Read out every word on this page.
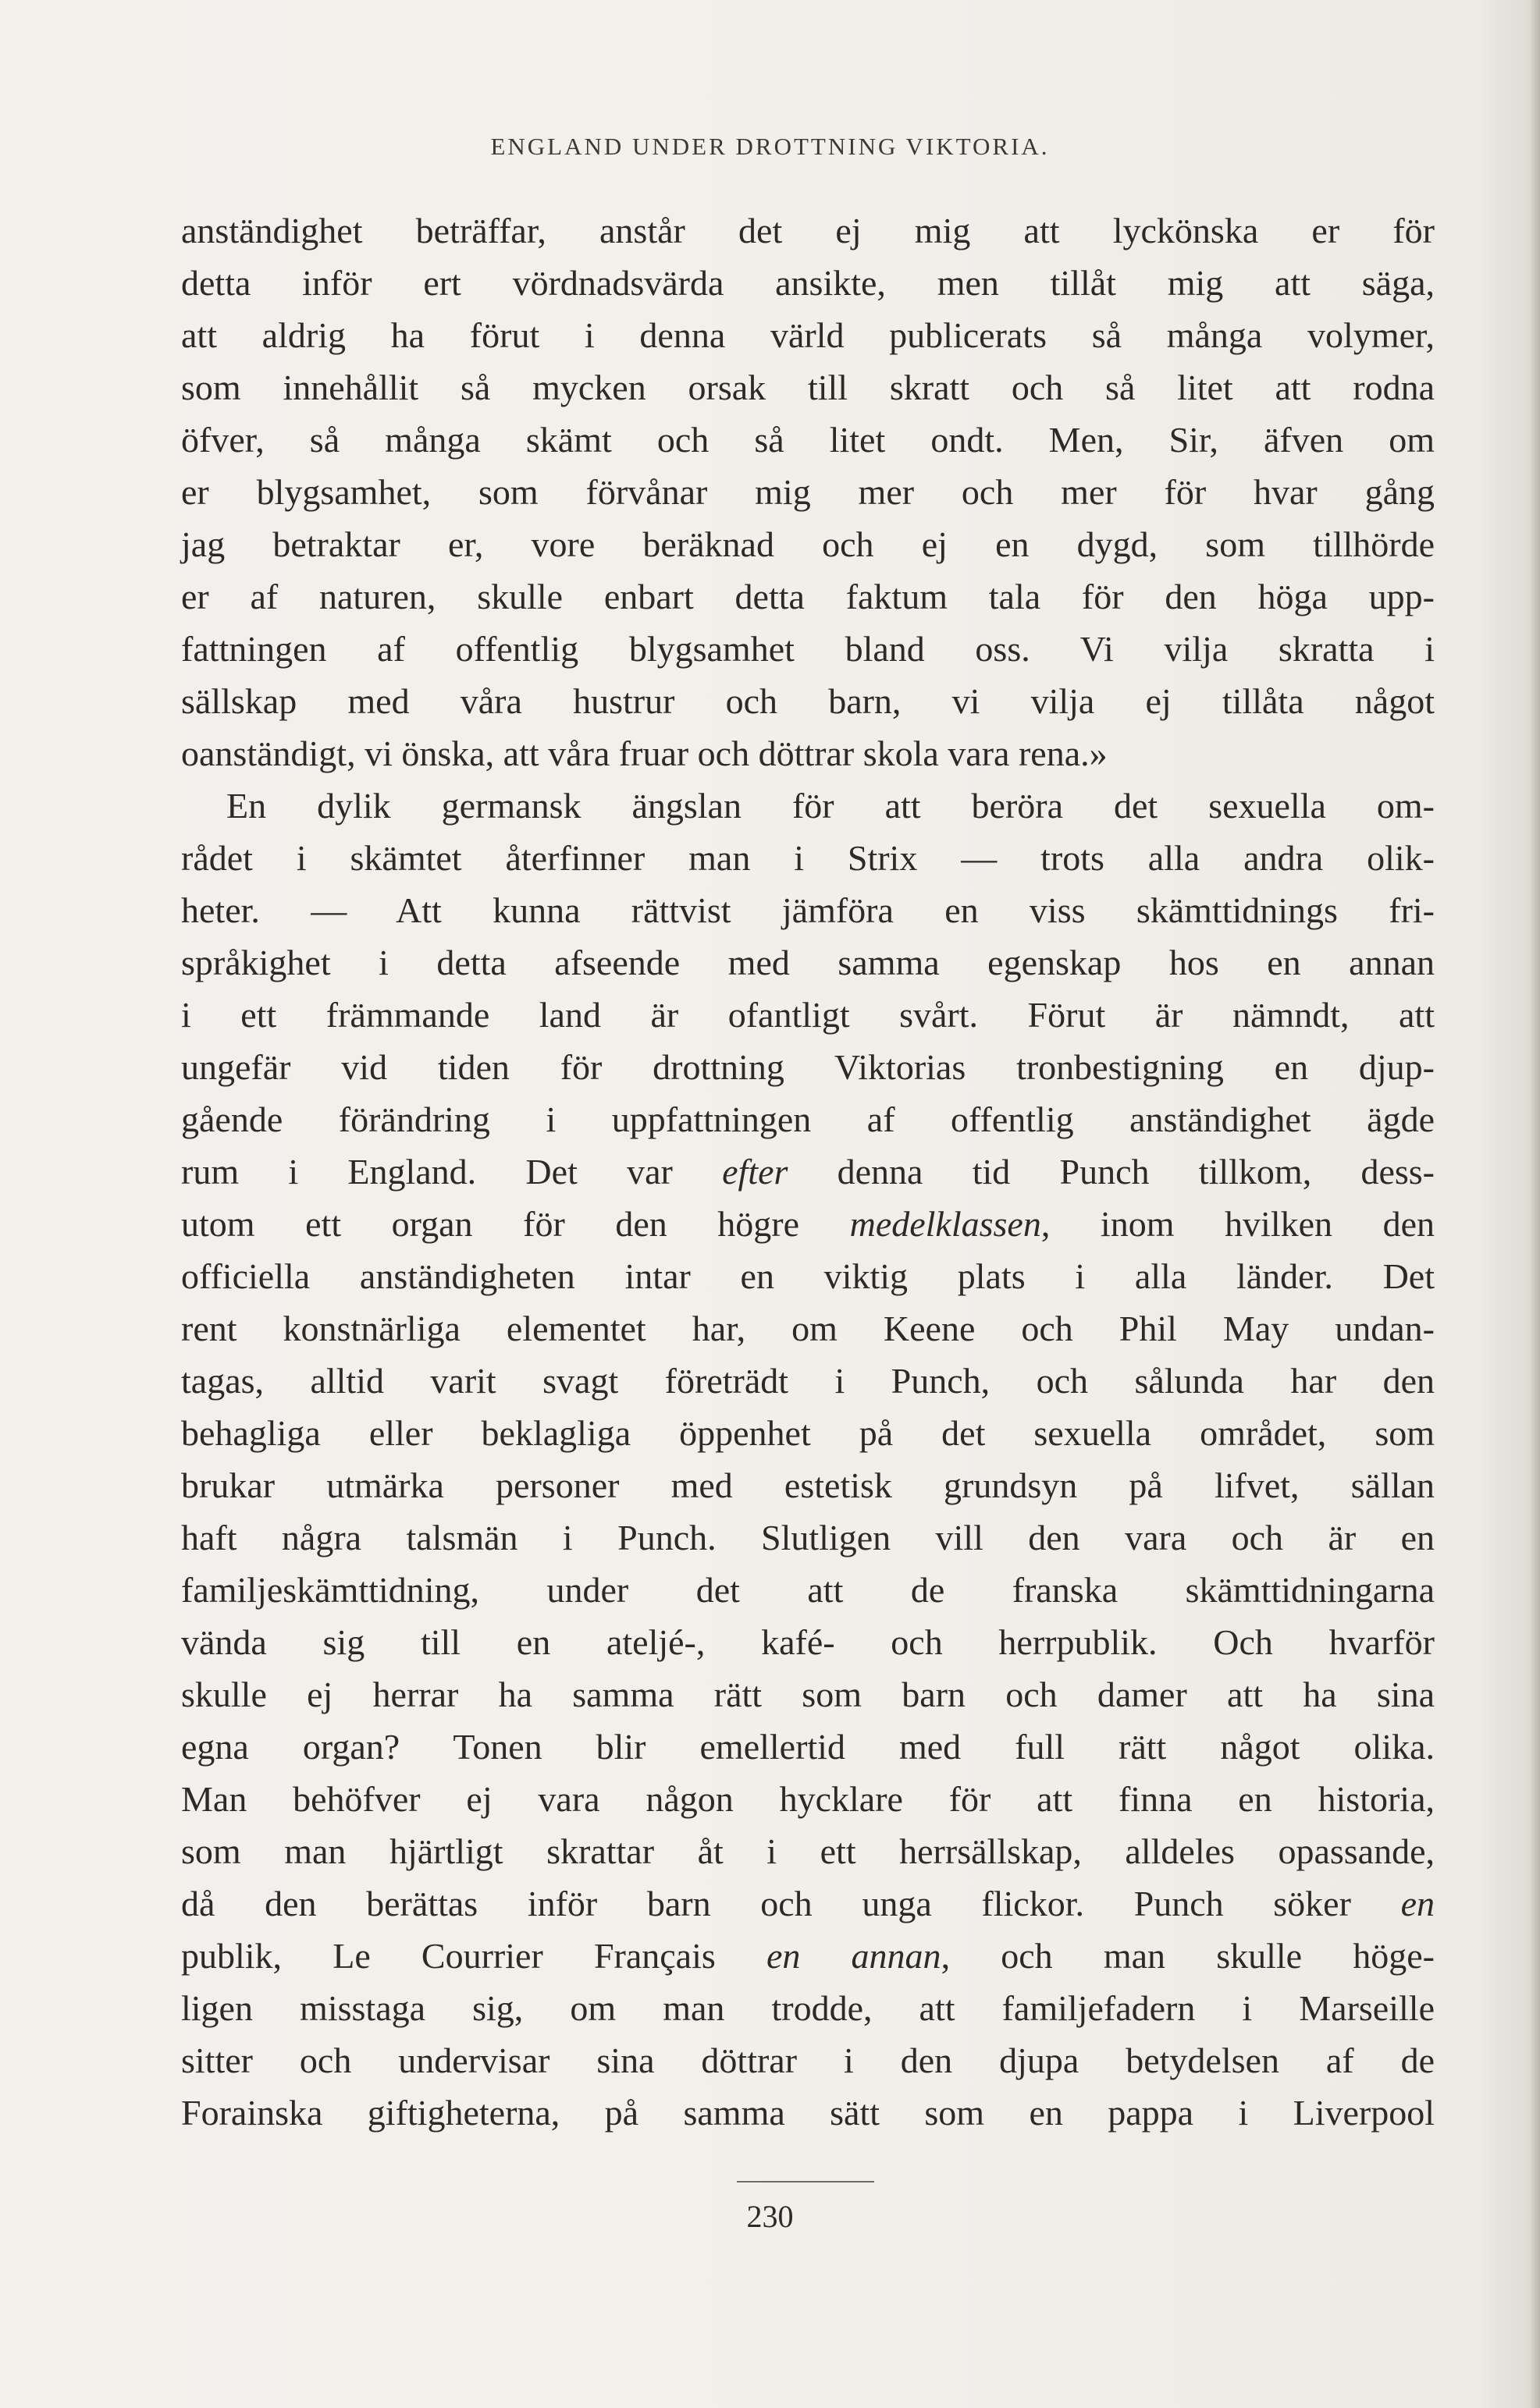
ENGLAND UNDER DROTTNING VIKTORIA.
anständighet beträffar, anstår det ej mig att lyckönska er för
detta inför ert vördnadsvärda ansikte, men tillåt mig att säga,
att aldrig ha förut i denna värld publicerats så många volymer,
som innehållit så mycken orsak till skratt och så litet att rodna
öfver, så många skämt och så litet ondt. Men, Sir, äfven om
er blygsamhet, som förvånar mig mer och mer för hvar gång
jag betraktar er, vore beräknad och ej en dygd, som tillhörde
er af naturen, skulle enbart detta faktum tala för den höga upp-
fattningen af offentlig blygsamhet bland oss. Vi vilja skratta i
sällskap med våra hustrur och barn, vi vilja ej tillåta något
oanständigt, vi önska, att våra fruar och döttrar skola vara rena.»
En dylik germansk ängslan för att beröra det sexuella om-
rådet i skämtet återfinner man i Strix — trots alla andra olik-
heter. — Att kunna rättvist jämföra en viss skämttidnings fri-
språkighet i detta afseende med samma egenskap hos en annan
i ett främmande land är ofantligt svårt. Förut är nämndt, att
ungefär vid tiden för drottning Viktorias tronbestigning en djup-
gående förändring i uppfattningen af offentlig anständighet ägde
rum i England. Det var efter denna tid Punch tillkom, dess-
utom ett organ för den högre medelklassen, inom hvilken den
officiella anständigheten intar en viktig plats i alla länder. Det
rent konstnärliga elementet har, om Keene och Phil May undan-
tagas, alltid varit svagt företrädt i Punch, och sålunda har den
behagliga eller beklagliga öppenhet på det sexuella området, som
brukar utmärka personer med estetisk grundsyn på lifvet, sällan
haft några talsmän i Punch. Slutligen vill den vara och är en
familjeskämttidning, under det att de franska skämttidningarna
vända sig till en ateljé-, kafé- och herrpublik. Och hvarför
skulle ej herrar ha samma rätt som barn och damer att ha sina
egna organ? Tonen blir emellertid med full rätt något olika.
Man behöfver ej vara någon hycklare för att finna en historia,
som man hjärtligt skrattar åt i ett herrsällskap, alldeles opassande,
då den berättas inför barn och unga flickor. Punch söker en
publik, Le Courrier Français en annan, och man skulle höge-
ligen misstaga sig, om man trodde, att familjefadern i Marseille
sitter och undervisar sina döttrar i den djupa betydelsen af de
Forainska giftigheterna, på samma sätt som en pappa i Liverpool
230
